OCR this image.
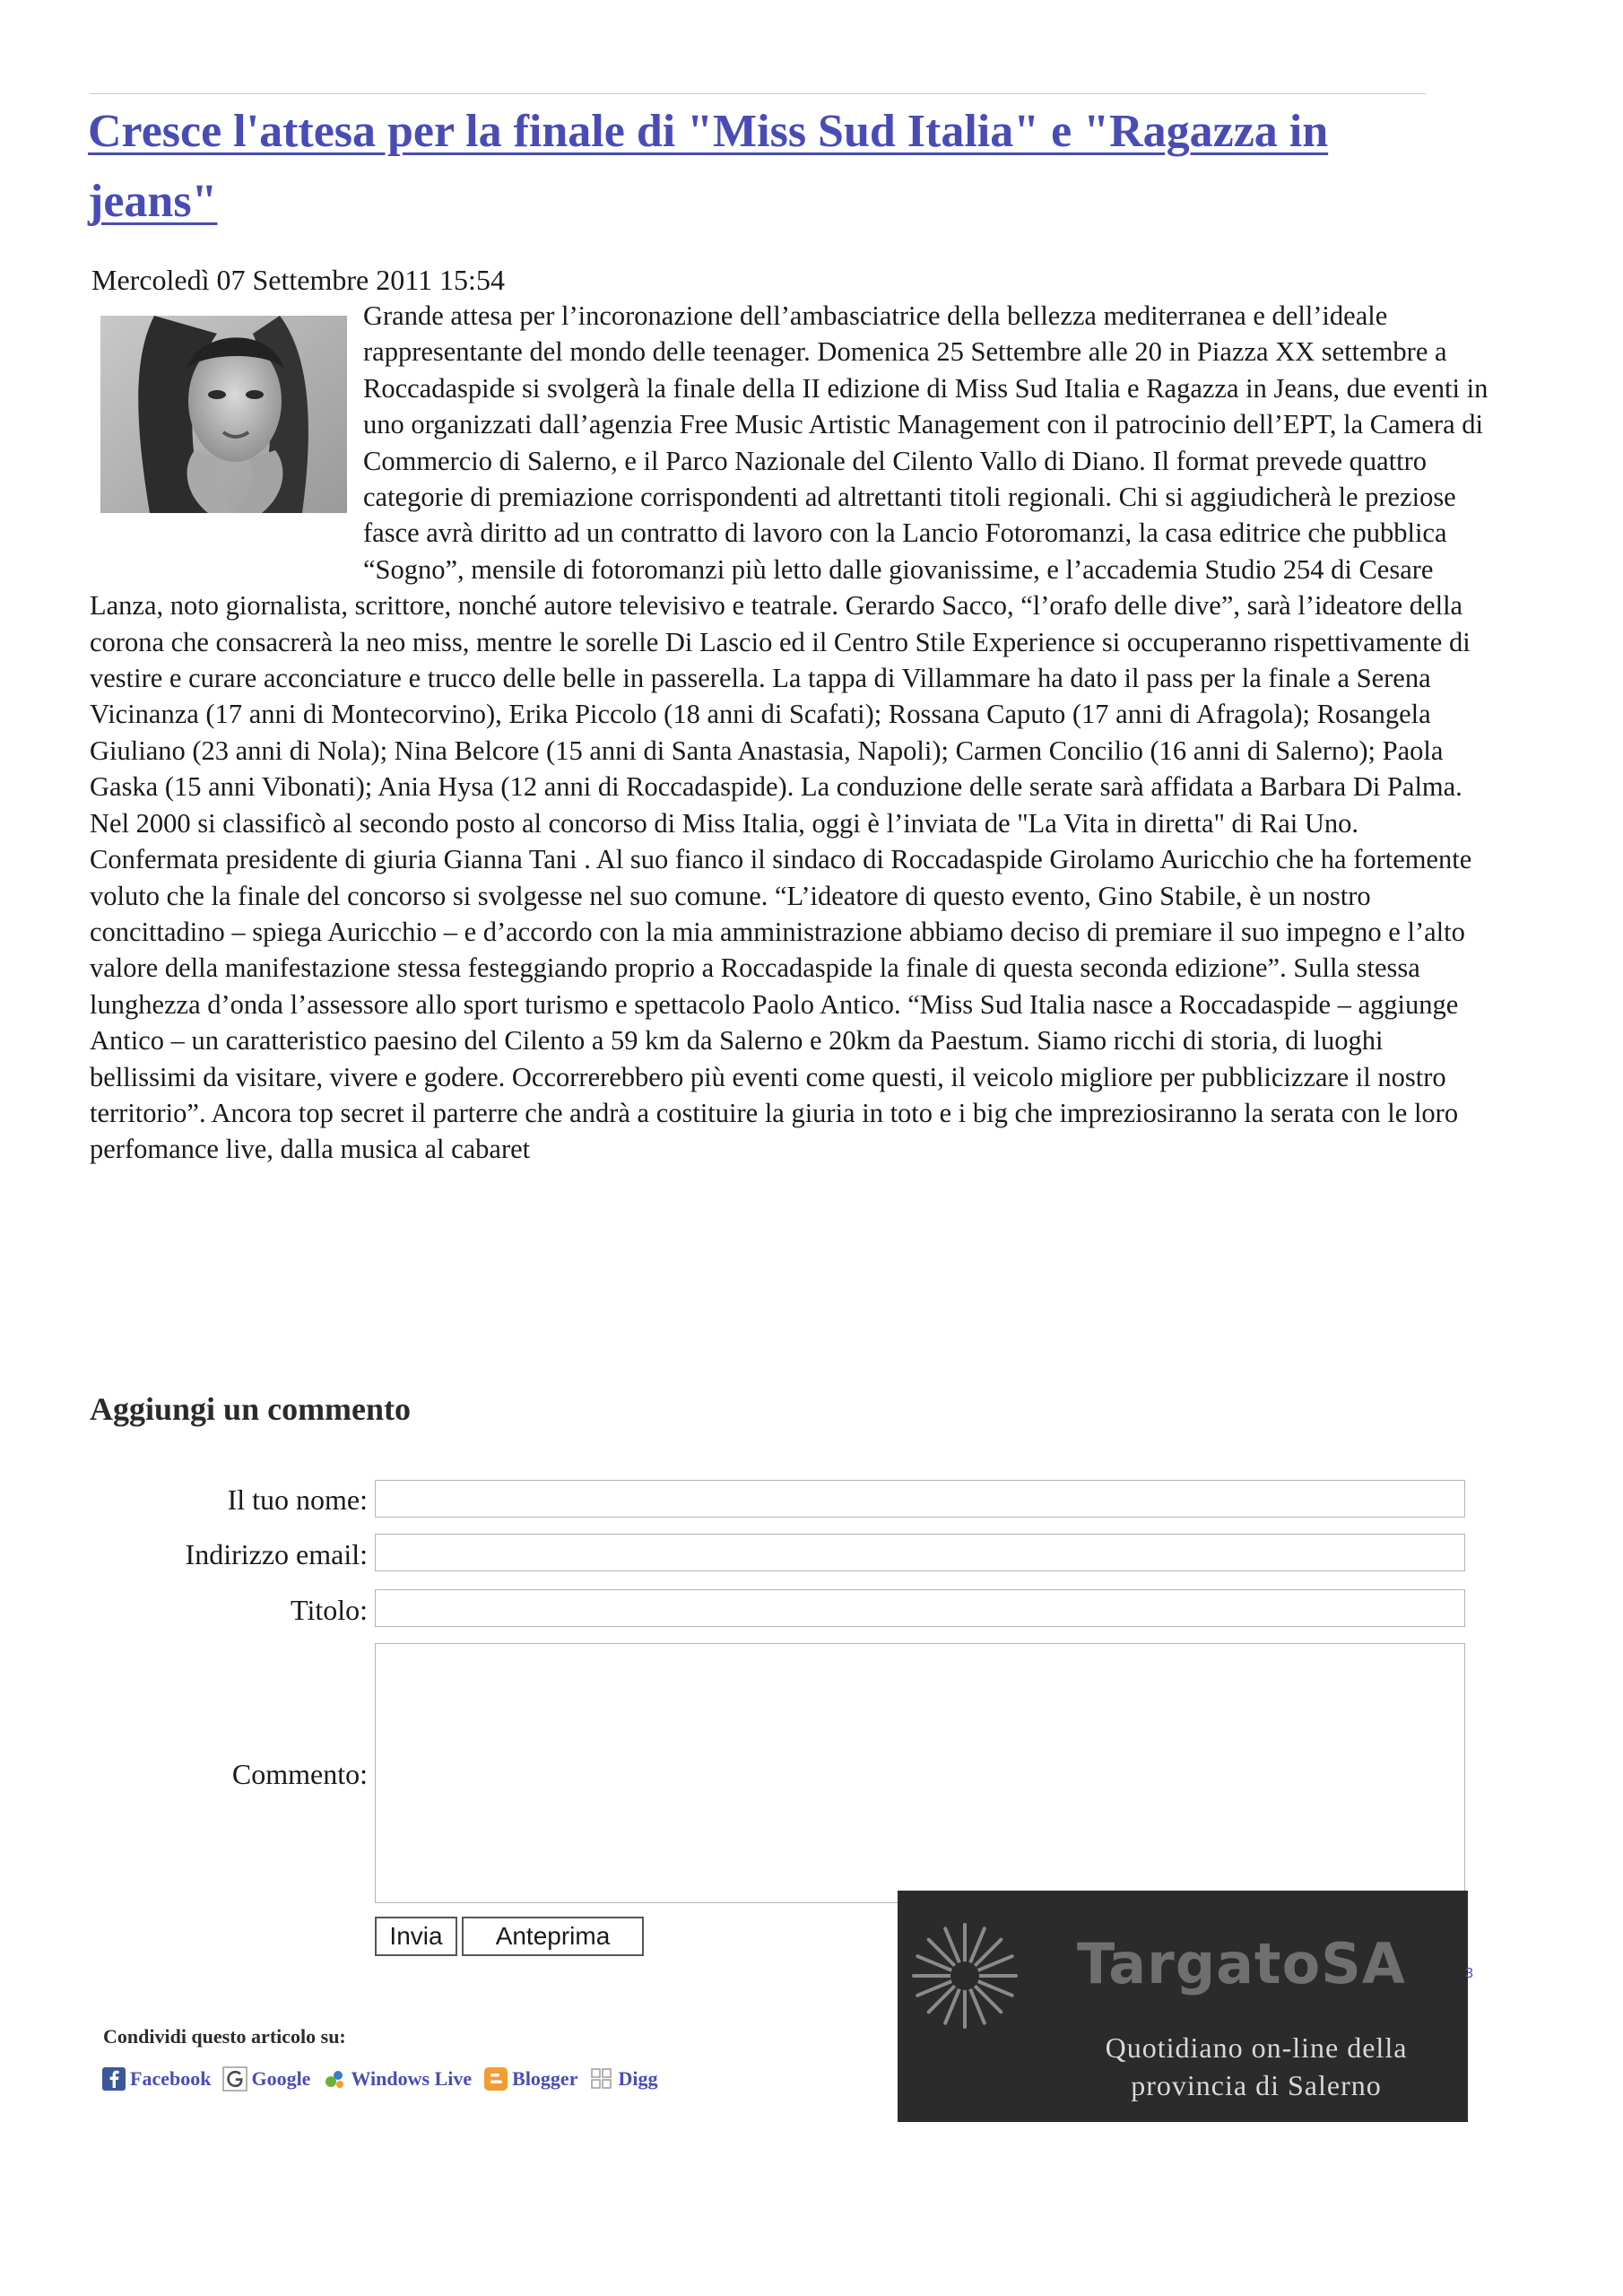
Cresce l'attesa per la finale di "Miss Sud Italia" e "Ragazza in jeans"
Mercoledì 07 Settembre 2011 15:54

Grande attesa per l’incoronazione dell’ambasciatrice della bellezza mediterranea e dell’ideale rappresentante del mondo delle teenager. Domenica 25 Settembre alle 20 in Piazza XX settembre a Roccadaspide si svolgerà la finale della II edizione di Miss Sud Italia e Ragazza in Jeans, due eventi in uno organizzati dall’agenzia Free Music Artistic Management con il patrocinio dell’EPT, la Camera di Commercio di Salerno, e il Parco Nazionale del Cilento Vallo di Diano. Il format prevede quattro categorie di premiazione corrispondenti ad altrettanti titoli regionali. Chi si aggiudicherà le preziose fasce avrà diritto ad un contratto di lavoro con la Lancio Fotoromanzi, la casa editrice che pubblica “Sogno”, mensile di fotoromanzi più letto dalle giovanissime, e l’accademia Studio 254 di Cesare Lanza, noto giornalista, scrittore, nonché autore televisivo e teatrale. Gerardo Sacco, “l’orafo delle dive”, sarà l’ideatore della corona che consacrerà la neo miss, mentre le sorelle Di Lascio ed il Centro Stile Experience si occuperanno rispettivamente di vestire e curare acconciature e trucco delle belle in passerella. La tappa di Villammare ha dato il pass per la finale a Serena Vicinanza (17 anni di Montecorvino), Erika Piccolo (18 anni di Scafati); Rossana Caputo (17 anni di Afragola); Rosangela Giuliano (23 anni di Nola); Nina Belcore (15 anni di Santa Anastasia, Napoli); Carmen Concilio (16 anni di Salerno); Paola Gaska (15 anni Vibonati); Ania Hysa (12 anni di Roccadaspide). La conduzione delle serate sarà affidata a Barbara Di Palma. Nel 2000 si classificò al secondo posto al concorso di Miss Italia, oggi è l’inviata de "La Vita in diretta" di Rai Uno. Confermata presidente di giuria Gianna Tani . Al suo fianco il sindaco di Roccadaspide Girolamo Auricchio che ha fortemente voluto che la finale del concorso si svolgesse nel suo comune. “L’ideatore di questo evento, Gino Stabile, è un nostro concittadino – spiega Auricchio – e d’accordo con la mia amministrazione abbiamo deciso di premiare il suo impegno e l’alto valore della manifestazione stessa festeggiando proprio a Roccadaspide la finale di questa seconda edizione”. Sulla stessa lunghezza d’onda l’assessore allo sport turismo e spettacolo Paolo Antico. “Miss Sud Italia nasce a Roccadaspide – aggiunge Antico – un caratteristico paesino del Cilento a 59 km da Salerno e 20km da Paestum. Siamo ricchi di storia, di luoghi bellissimi da visitare, vivere e godere. Occorrerebbero più eventi come questi, il veicolo migliore per pubblicizzare il nostro territorio”. Ancora top secret il parterre che andrà a costituire la giuria in toto e i big che impreziosiranno la serata con le loro perfomance live, dalla musica al cabaret

Aggiungi un commento
Il tuo nome:
Indirizzo email:
Titolo:
Commento:
Invia	Anteprima
Condividi questo articolo su:
Facebook Google Windows Live Blogger Digg
TargatoSA
Quotidiano on-line della provincia di Salerno
3
